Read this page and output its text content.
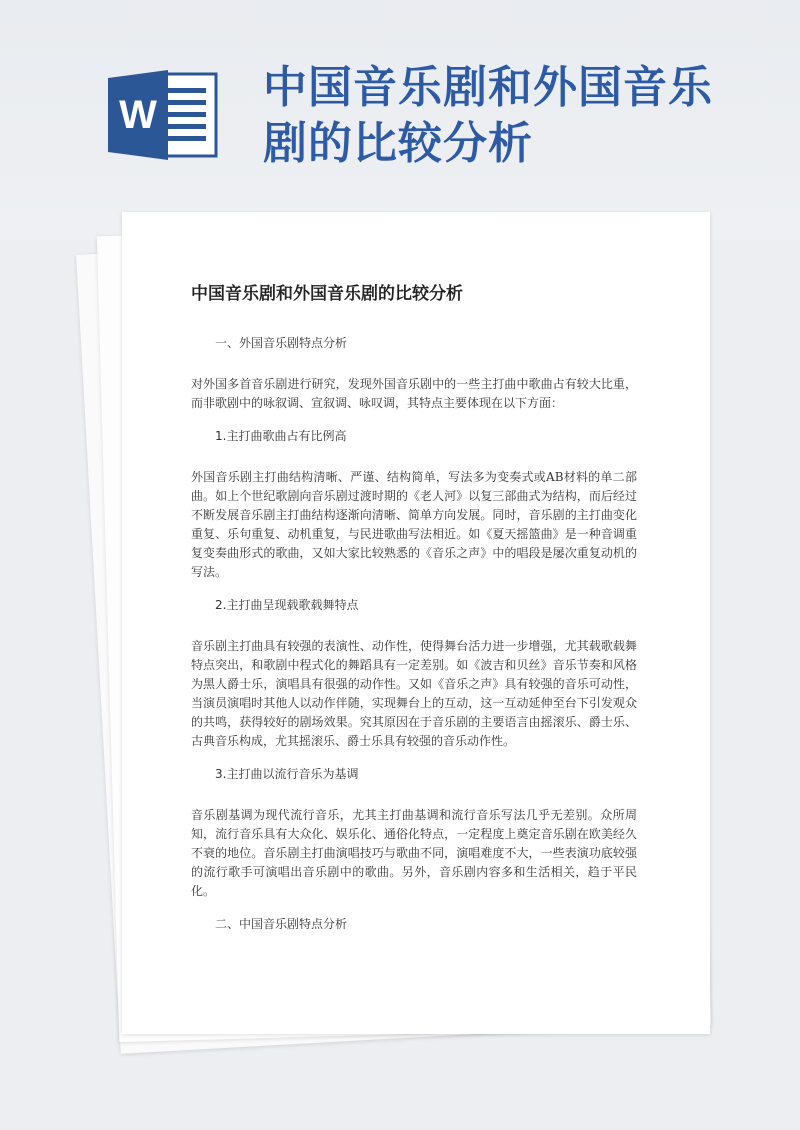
W
中国音乐剧和外国音乐
剧的比较分析
中国音乐剧和外国音乐剧的比较分析
一、外国音乐剧特点分析
对外国多首音乐剧进行研究，发现外国音乐剧中的一些主打曲中歌曲占有较大比重，而非歌剧中的咏叙调、宣叙调、咏叹调，其特点主要体现在以下方面：
1.主打曲歌曲占有比例高
外国音乐剧主打曲结构清晰、严谨、结构简单，写法多为变奏式或AB材料的单二部曲。如上个世纪歌剧向音乐剧过渡时期的《老人河》以复三部曲式为结构，而后经过不断发展音乐剧主打曲结构逐渐向清晰、简单方向发展。同时，音乐剧的主打曲变化重复、乐句重复、动机重复，与民进歌曲写法相近。如《夏天摇篮曲》是一种音调重复变奏曲形式的歌曲，又如大家比较熟悉的《音乐之声》中的唱段是屡次重复动机的写法。
2.主打曲呈现载歌载舞特点
音乐剧主打曲具有较强的表演性、动作性，使得舞台活力进一步增强，尤其载歌载舞特点突出，和歌剧中程式化的舞蹈具有一定差别。如《波吉和贝丝》音乐节奏和风格为黑人爵士乐，演唱具有很强的动作性。又如《音乐之声》具有较强的音乐可动性，当演员演唱时其他人以动作伴随，实现舞台上的互动，这一互动延伸至台下引发观众的共鸣，获得较好的剧场效果。究其原因在于音乐剧的主要语言由摇滚乐、爵士乐、古典音乐构成，尤其摇滚乐、爵士乐具有较强的音乐动作性。
3.主打曲以流行音乐为基调
音乐剧基调为现代流行音乐，尤其主打曲基调和流行音乐写法几乎无差别。众所周知，流行音乐具有大众化、娱乐化、通俗化特点，一定程度上奠定音乐剧在欧美经久不衰的地位。音乐剧主打曲演唱技巧与歌曲不同，演唱难度不大，一些表演功底较强的流行歌手可演唱出音乐剧中的歌曲。另外，音乐剧内容多和生活相关，趋于平民化。
二、中国音乐剧特点分析
